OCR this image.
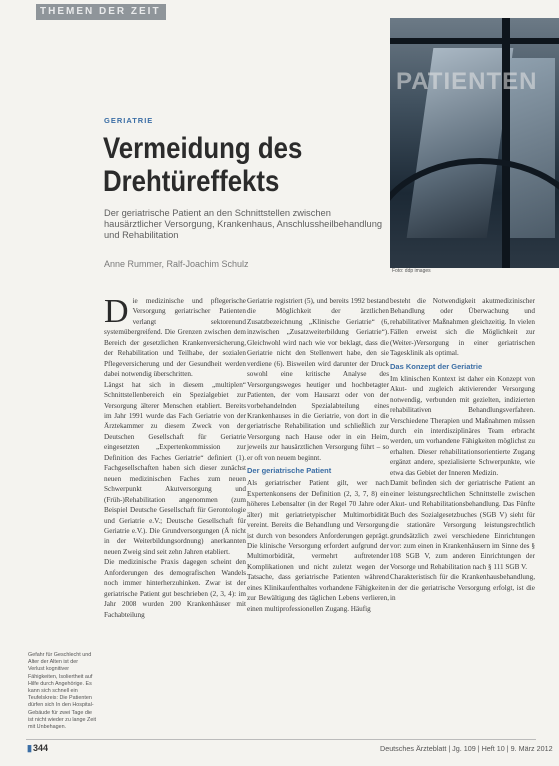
THEMEN DER ZEIT
PATIENTEN
Foto: ddp images
GERIATRIE
Vermeidung des
Drehtüreffekts
Der geriatrische Patient an den Schnittstellen zwischen hausärztlicher Versorgung, Krankenhaus, Anschlussheilbehandlung und Rehabilitation
Anne Rummer, Ralf-Joachim Schulz
D ie medizinische und pflegerische Versorgung geriatrischer Patienten verlangt sektorenund systemübergreifend. Die Grenzen zwischen dem Bereich der gesetzlichen Krankenversicherung, der Rehabilitation und Teilhabe, der sozialen Pflegeversicherung und der Gesundheit werden dabei notwendig überschritten.

Längst hat sich in diesem „multiplen“ Schnittstellenbereich ein Spezialgebiet zur Versorgung älterer Menschen etabliert. Bereits im Jahr 1991 wurde das Fach Geriatrie von der Ärztekammer zu diesem Zweck von der Deutschen Gesellschaft für Geriatrie eingesetzten „Expertenkommission zur Definition des Faches Geriatrie“ definiert (1). Fachgesellschaften haben sich dieser zunächst neuen medizinischen Faches zum neuen Schwerpunkt Akutversorgung und (Früh-)Rehabilitation angenommen (zum Beispiel Deutsche Gesellschaft für Gerontologie und Geriatrie e.V.; Deutsche Gesellschaft für Geriatrie e.V.). Die Grundversorgungen (Ä nicht in der Weiterbildungsordnung) anerkannten neuen Zweig sind seit zehn Jahren etabliert.

Die medizinische Praxis dagegen scheint den Anforderungen des demografischen Wandels noch immer hinterherzuhinken. Zwar ist der geriatrische Patient gut beschrieben (2, 3, 4): im Jahr 2008 wurden 200 Krankenhäuser mit Fachabteilung

Geriatrie registriert (5), und bereits 1992 bestand die Möglichkeit der ärztlichen Zusatzbezeichnung „Klinische Geriatrie“ (6, inzwischen „Zusatzweiterbildung Geriatrie“). Gleichwohl wird nach wie vor beklagt, dass die Geriatrie nicht den Stellenwert habe, den sie verdiene (6). Bisweilen wird darunter der Druck sowohl eine kritische Analyse des Versorgungsweges heutiger und hochbetagter Patienten, der vom Hausarzt oder von der vorbehandelnden Spezialabteilung eines Krankenhauses in die Geriatrie, von dort in die geriatrische Rehabilitation und schließlich zur Versorgung nach Hause oder in ein Heim, jeweils zur hausärztlichen Versorgung führt – so er oft von neuem beginnt.

Der geriatrische Patient

Als geriatrischer Patient gilt, wer nach Expertenkonsens der Definition (2, 3, 7, 8) ein höheres Lebensalter (in der Regel 70 Jahre oder älter) mit geriatrietypischer Multimorbidität vereint. Bereits die Behandlung und Versorgung ist durch von besonders Anforderungen geprägt. Die klinische Versorgung erfordert aufgrund der Multimorbidität, vermehrt auftretender Komplikationen und nicht zuletzt wegen der Tatsache, dass geriatrische Patienten während eines Klinikaufenthaltes vorhandene Fähigkeiten zur Bewältigung des täglichen Lebens verlieren, einen multiprofessionellen Zugang. Häufig

besteht die Notwendigkeit akutmedizinischer Behandlung oder Überwachung und rehabilitativer Maßnahmen gleichzeitig. In vielen Fällen erweist sich die Möglichkeit zur (Weiter-)Versorgung in einer geriatrischen Tagesklinik als optimal.

Das Konzept der Geriatrie

Im klinischen Kontext ist daher ein Konzept von Akut- und zugleich aktivierender Versorgung notwendig, verbunden mit gezielten, indizierten rehabilitativen Behandlungsverfahren. Verschiedene Therapien und Maßnahmen müssen durch ein interdisziplinäres Team erbracht werden, um vorhandene Fähigkeiten möglichst zu erhalten. Dieser rehabilitationsorientierte Zugang ergänzt andere, spezialisierte Schwerpunkte, wie etwa das Gebiet der Inneren Medizin.

Damit befinden sich der geriatrische Patient an einer leistungsrechtlichen Schnittstelle zwischen Akut- und Rehabilitationsbehandlung. Das Fünfte Buch des Sozialgesetzbuches (SGB V) sieht für die stationäre Versorgung leistungsrechtlich grundsätzlich zwei verschiedene Einrichtungen vor: zum einen in Krankenhäusern im Sinne des § 108 SGB V, zum anderen Einrichtungen der Vorsorge und Rehabilitation nach § 111 SGB V.

Charakteristisch für die Krankenhausbehandlung, in der die geriatrische Versorgung erfolgt, ist die in

Gefahr für Geschlecht und Alter der Alten ist der Verlust kognitiver Fähigkeiten, Isoliertheit auf Hilfe durch Angehörige. Es kann sich schnell ein Teufelskreis: Die Patienten dürfen sich In den Hospital-Gebäude für zwei Tage die ist nicht wieder zu lange Zeit mit Unbehagen.
▮344	Deutsches Ärzteblatt | Jg. 109 | Heft 10 | 9. März 2012
